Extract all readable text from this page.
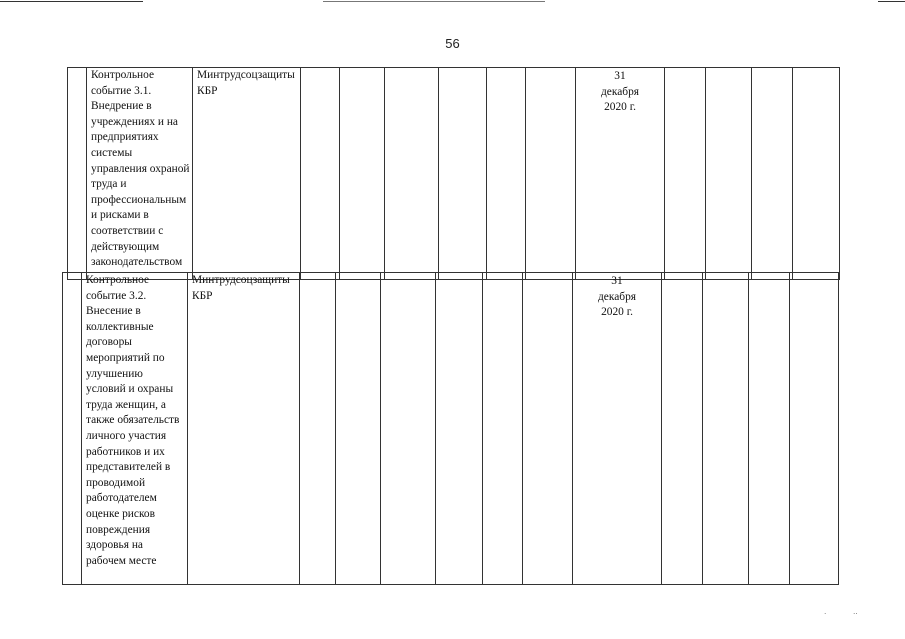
56
	Контрольное
событие 3.1.
Внедрение в
учреждениях и на
предприятиях
системы
управления охраной
труда и
профессиональным
и рисками в
соответствии с
действующим
законодательством	Минтрудсоцзащиты
КБР							31
декабря
2020 г.				
	Контрольное
событие 3.2.
Внесение в
коллективные
договоры
мероприятий по
улучшению
условий и охраны
труда женщин, а
также обязательств
личного участия
работников и их
представителей в
проводимой
работодателем
оценке рисков
повреждения
здоровья на
рабочем месте	Минтрудсоцзащиты
КБР							31
декабря
2020 г.				
·	··
